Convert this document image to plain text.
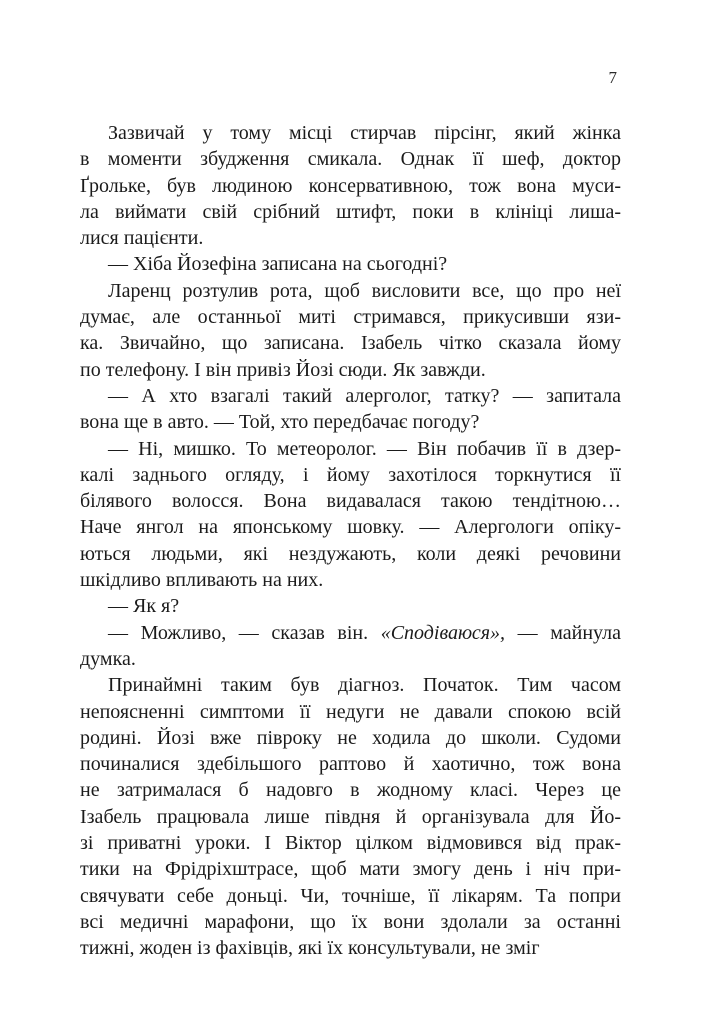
7
Зазвичай у тому місці стирчав пірсінг, який жінка
в моменти збудження смикала. Однак її шеф, доктор
Ґрольке, був людиною консервативною, тож вона муси-
ла виймати свій срібний штифт, поки в клініці лиша-
лися пацієнти.
— Хіба Йозефіна записана на сьогодні?
Ларенц розтулив рота, щоб висловити все, що про неї
думає, але останньої миті стримався, прикусивши язи-
ка. Звичайно, що записана. Ізабель чітко сказала йому
по телефону. І він привіз Йозі сюди. Як завжди.
— А хто взагалі такий алерголог, татку? — запитала
вона ще в авто. — Той, хто передбачає погоду?
— Ні, мишко. То метеоролог. — Він побачив її в дзер-
калі заднього огляду, і йому захотілося торкнутися її
білявого волосся. Вона видавалася такою тендітною…
Наче янгол на японському шовку. — Алергологи опіку-
ються людьми, які нездужають, коли деякі речовини
шкідливо впливають на них.
— Як я?
— Можливо, — сказав він. «Сподіваюся», — майнула
думка.
Принаймні таким був діагноз. Початок. Тим часом
непоясненні симптоми її недуги не давали спокою всій
родині. Йозі вже півроку не ходила до школи. Судоми
починалися здебільшого раптово й хаотично, тож вона
не затрималася б надовго в жодному класі. Через це
Ізабель працювала лише півдня й організувала для Йо-
зі приватні уроки. І Віктор цілком відмовився від прак-
тики на Фрідріхштрасе, щоб мати змогу день і ніч при-
свячувати себе доньці. Чи, точніше, її лікарям. Та попри
всі медичні марафони, що їх вони здолали за останні
тижні, жоден із фахівців, які їх консультували, не зміг
